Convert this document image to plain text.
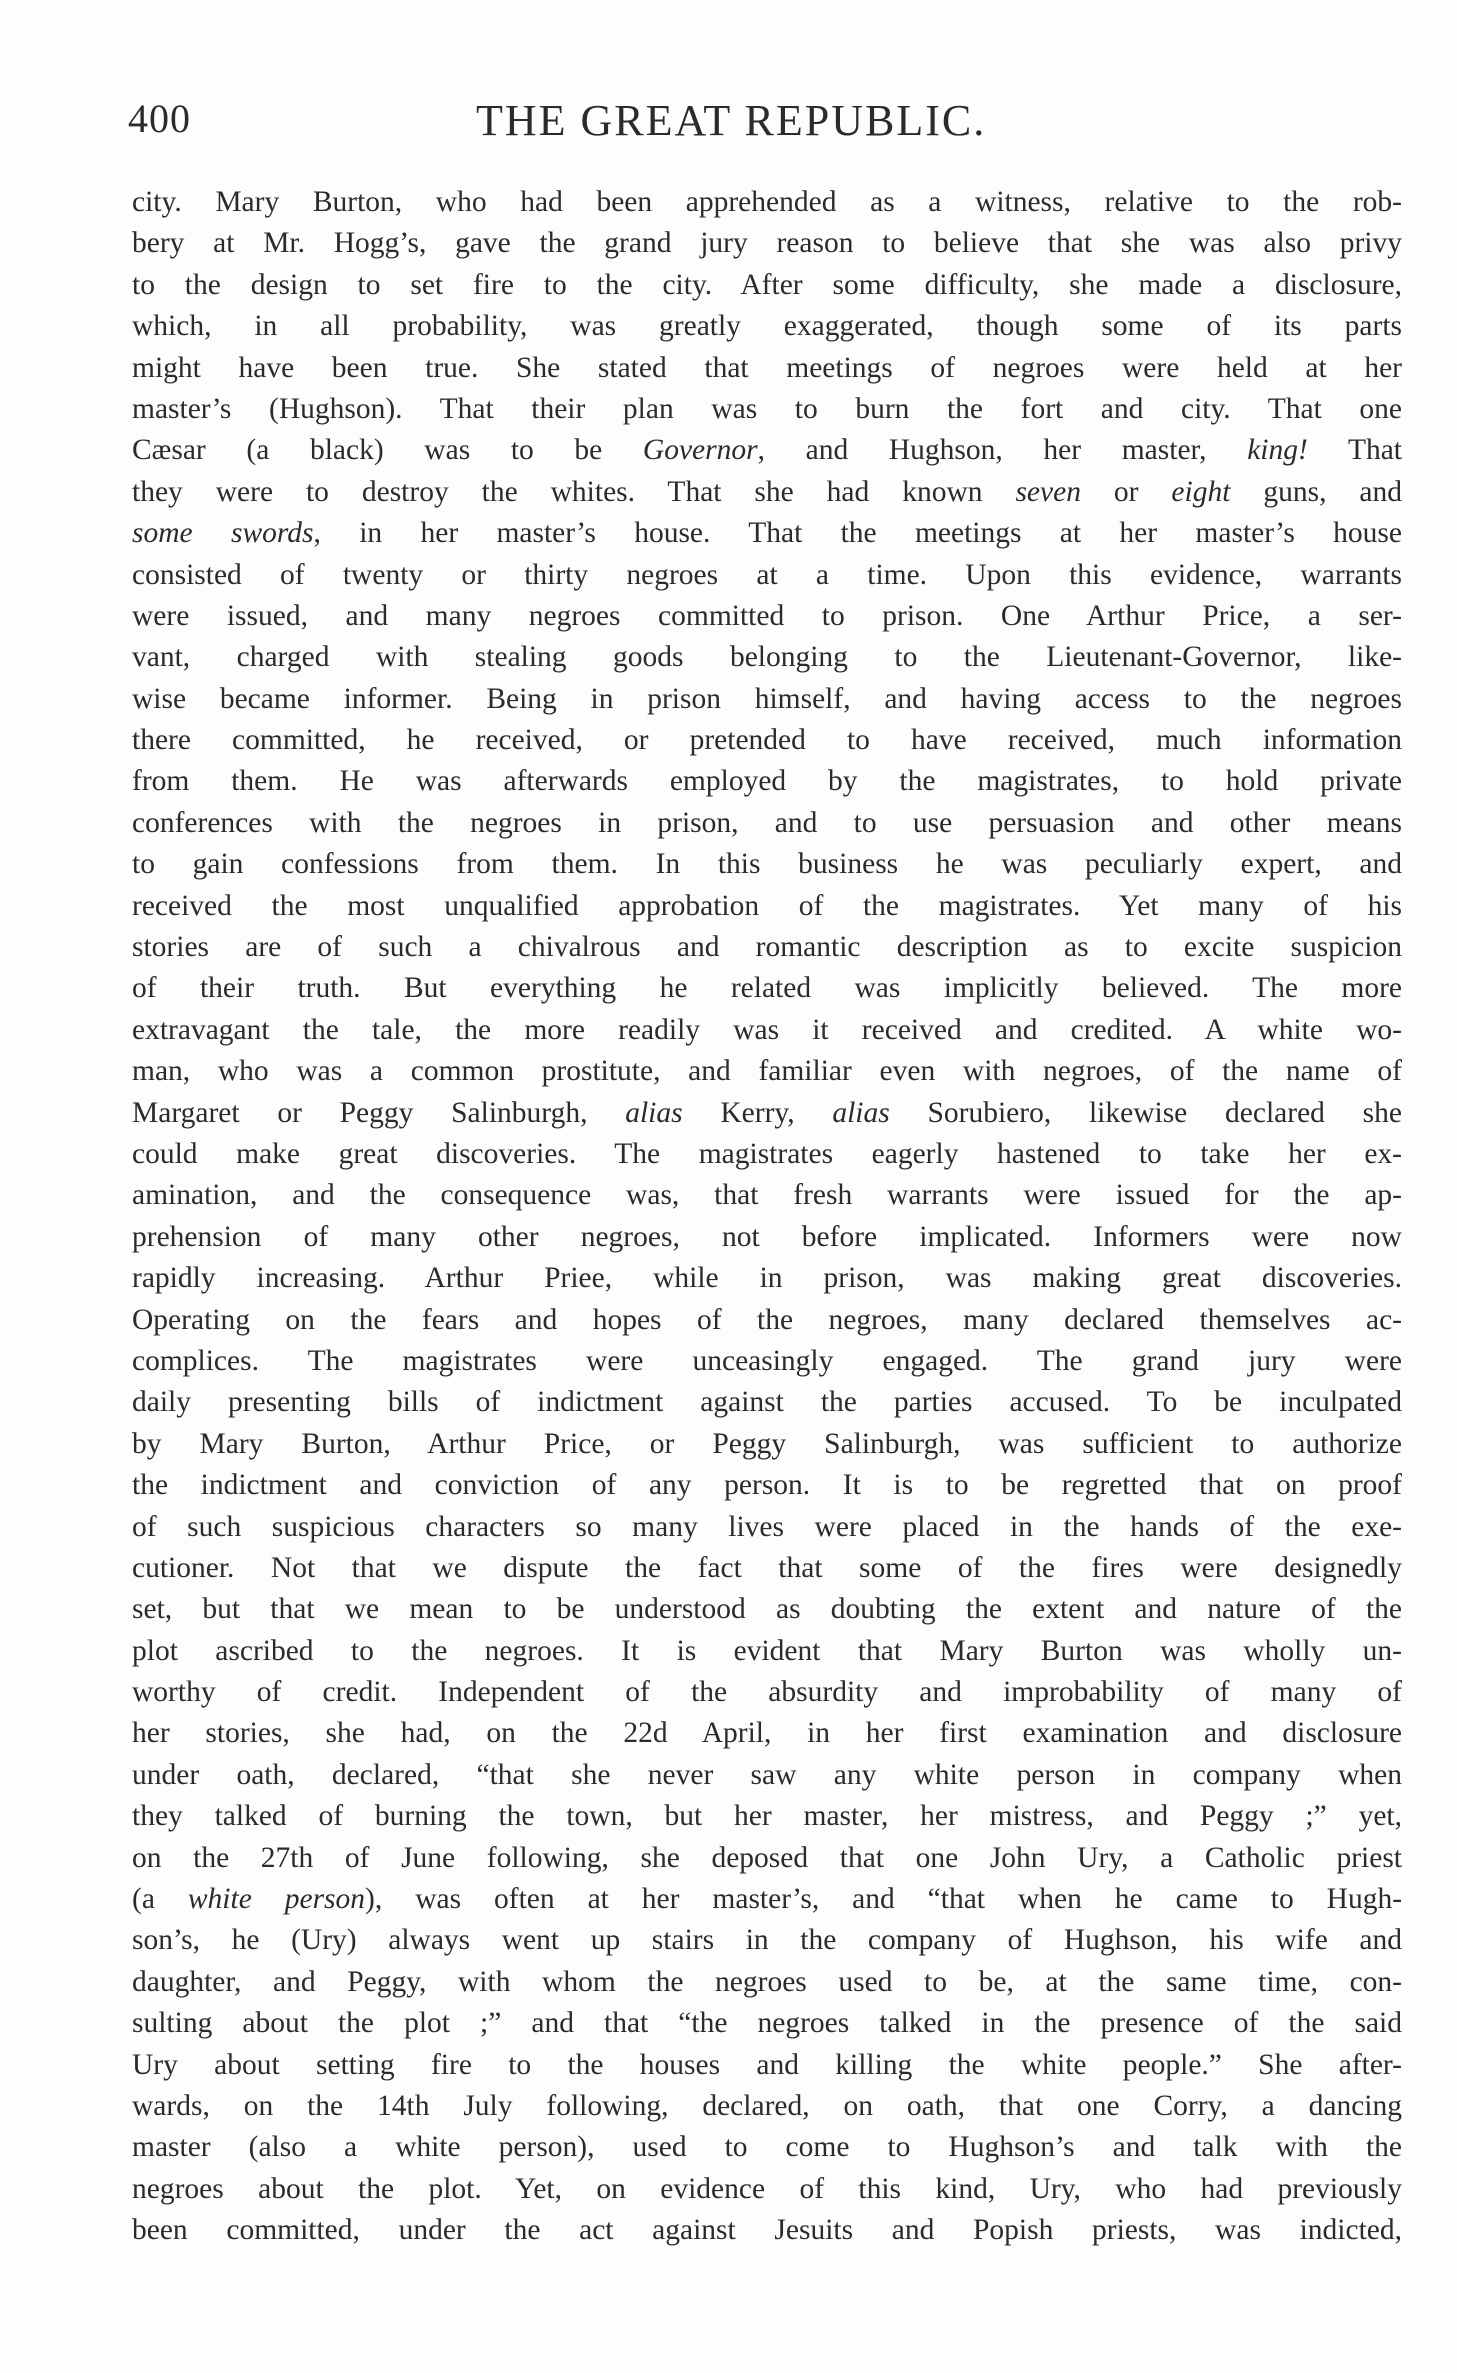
400	THE GREAT REPUBLIC.
city. Mary Burton, who had been apprehended as a witness, relative to the rob-
bery at Mr. Hogg’s, gave the grand jury reason to believe that she was also privy
to the design to set fire to the city. After some difficulty, she made a disclosure,
which, in all probability, was greatly exaggerated, though some of its parts
might have been true. She stated that meetings of negroes were held at her
master’s (Hughson). That their plan was to burn the fort and city. That one
Cæsar (a black) was to be Governor, and Hughson, her master, king! That
they were to destroy the whites. That she had known seven or eight guns, and
some swords, in her master’s house. That the meetings at her master’s house
consisted of twenty or thirty negroes at a time. Upon this evidence, warrants
were issued, and many negroes committed to prison. One Arthur Price, a ser-
vant, charged with stealing goods belonging to the Lieutenant-Governor, like-
wise became informer. Being in prison himself, and having access to the negroes
there committed, he received, or pretended to have received, much information
from them. He was afterwards employed by the magistrates, to hold private
conferences with the negroes in prison, and to use persuasion and other means
to gain confessions from them. In this business he was peculiarly expert, and
received the most unqualified approbation of the magistrates. Yet many of his
stories are of such a chivalrous and romantic description as to excite suspicion
of their truth. But everything he related was implicitly believed. The more
extravagant the tale, the more readily was it received and credited. A white wo-
man, who was a common prostitute, and familiar even with negroes, of the name of
Margaret or Peggy Salinburgh, alias Kerry, alias Sorubiero, likewise declared she
could make great discoveries. The magistrates eagerly hastened to take her ex-
amination, and the consequence was, that fresh warrants were issued for the ap-
prehension of many other negroes, not before implicated. Informers were now
rapidly increasing. Arthur Priee, while in prison, was making great discoveries.
Operating on the fears and hopes of the negroes, many declared themselves ac-
complices. The magistrates were unceasingly engaged. The grand jury were
daily presenting bills of indictment against the parties accused. To be inculpated
by Mary Burton, Arthur Price, or Peggy Salinburgh, was sufficient to authorize
the indictment and conviction of any person. It is to be regretted that on proof
of such suspicious characters so many lives were placed in the hands of the exe-
cutioner. Not that we dispute the fact that some of the fires were designedly
set, but that we mean to be understood as doubting the extent and nature of the
plot ascribed to the negroes. It is evident that Mary Burton was wholly un-
worthy of credit. Independent of the absurdity and improbability of many of
her stories, she had, on the 22d April, in her first examination and disclosure
under oath, declared, “that she never saw any white person in company when
they talked of burning the town, but her master, her mistress, and Peggy ;” yet,
on the 27th of June following, she deposed that one John Ury, a Catholic priest
(a white person), was often at her master’s, and “that when he came to Hugh-
son’s, he (Ury) always went up stairs in the company of Hughson, his wife and
daughter, and Peggy, with whom the negroes used to be, at the same time, con-
sulting about the plot ;” and that “the negroes talked in the presence of the said
Ury about setting fire to the houses and killing the white people.” She after-
wards, on the 14th July following, declared, on oath, that one Corry, a dancing
master (also a white person), used to come to Hughson’s and talk with the
negroes about the plot. Yet, on evidence of this kind, Ury, who had previously
been committed, under the act against Jesuits and Popish priests, was indicted,
